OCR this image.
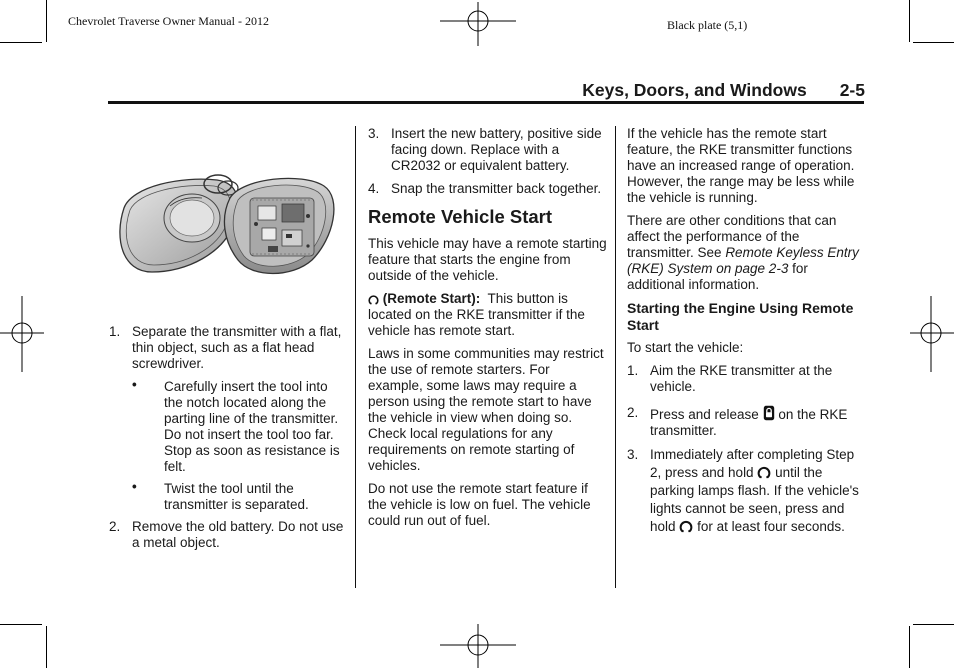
Chevrolet Traverse Owner Manual - 2012	Black plate (5,1)
Keys, Doors, and Windows 2-5
1. Separate the transmitter with a flat, thin object, such as a flat head screwdriver.
• Carefully insert the tool into the notch located along the parting line of the transmitter. Do not insert the tool too far. Stop as soon as resistance is felt.
• Twist the tool until the transmitter is separated.
2. Remove the old battery. Do not use a metal object.
3. Insert the new battery, positive side facing down. Replace with a CR2032 or equivalent battery.
4. Snap the transmitter back together.
Remote Vehicle Start

This vehicle may have a remote starting feature that starts the engine from outside of the vehicle.

(Remote Start): This button is located on the RKE transmitter if the vehicle has remote start.

Laws in some communities may restrict the use of remote starters. For example, some laws may require a person using the remote start to have the vehicle in view when doing so. Check local regulations for any requirements on remote starting of vehicles.

Do not use the remote start feature if the vehicle is low on fuel. The vehicle could run out of fuel.

If the vehicle has the remote start feature, the RKE transmitter functions have an increased range of operation. However, the range may be less while the vehicle is running.

There are other conditions that can affect the performance of the transmitter. See Remote Keyless Entry (RKE) System on page 2-3 for additional information.

Starting the Engine Using Remote Start

To start the vehicle:

1. Aim the RKE transmitter at the vehicle.
2. Press and release on the RKE transmitter.
3. Immediately after completing Step 2, press and hold until the parking lamps flash. If the vehicle's lights cannot be seen, press and hold for at least four seconds.
